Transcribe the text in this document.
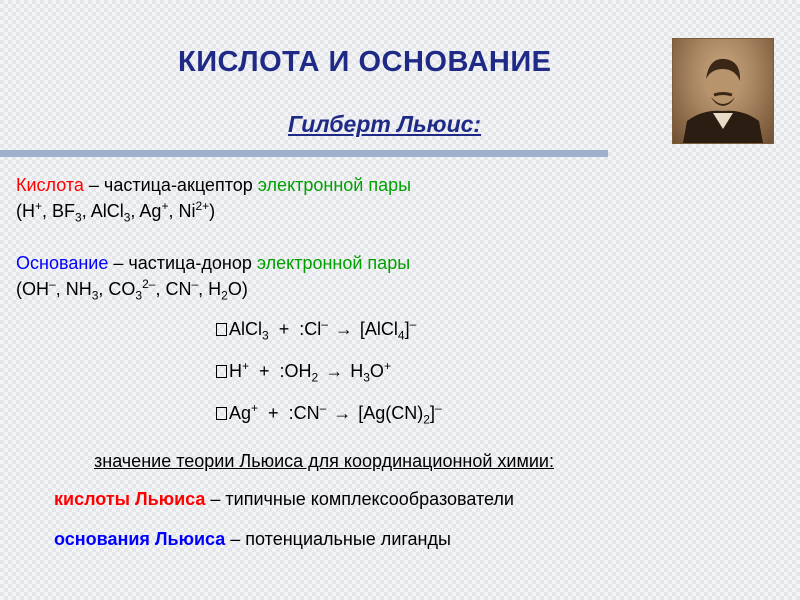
КИСЛОТА И ОСНОВАНИЕ
Гилберт Льюис:
Кислота – частица-акцептор электронной пары
(H+, $BF_3$, AlCl$_3$, Ag+, $Ni^{2+}$)
Основание – частица-донор электронной пары
(OH–, $NH_3$, $CO_3^{2-}$, CN–, $H_2O$)
AlCl$_3$  +  :Cl– → [AlCl$_4$]–
$H^+ + :OH_2 \to H_3O^+$
Ag+  +  :CN– → $[Ag(CN)_2]^-$
значение теории Льюиса для координационной химии:
кислоты Льюиса – типичные комплексообразователи
основания Льюиса – потенциальные лиганды
